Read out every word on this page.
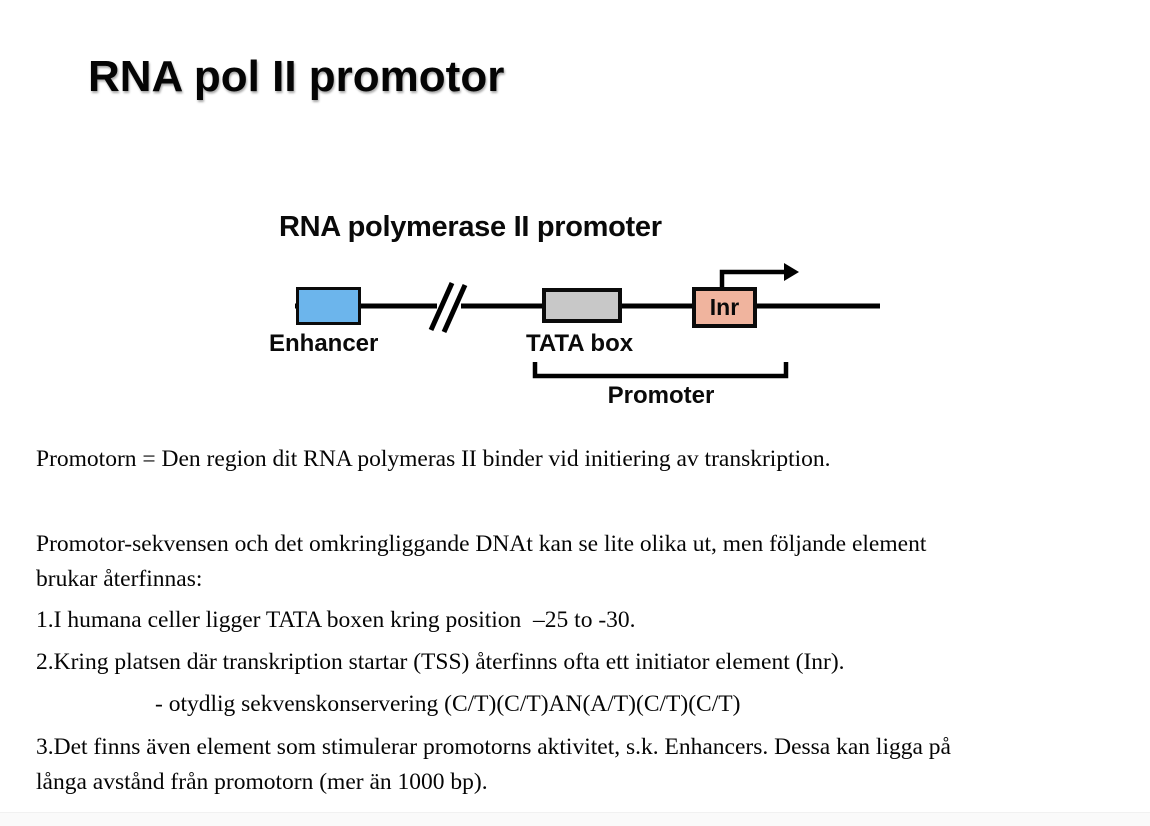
RNA pol II promotor
RNA polymerase II promoter
Inr
Enhancer	TATA box
Promoter
Promotorn = Den region dit RNA polymeras II binder vid initiering av transkription.
Promotor-sekvensen och det omkringliggande DNAt kan se lite olika ut, men följande element
brukar återfinnas:
1.I humana celler ligger TATA boxen kring position  –25 to -30.
2.Kring platsen där transkription startar (TSS) återfinns ofta ett initiator element (Inr).
- otydlig sekvenskonservering (C/T)(C/T)AN(A/T)(C/T)(C/T)
3.Det finns även element som stimulerar promotorns aktivitet, s.k. Enhancers. Dessa kan ligga på
långa avstånd från promotorn (mer än 1000 bp).
